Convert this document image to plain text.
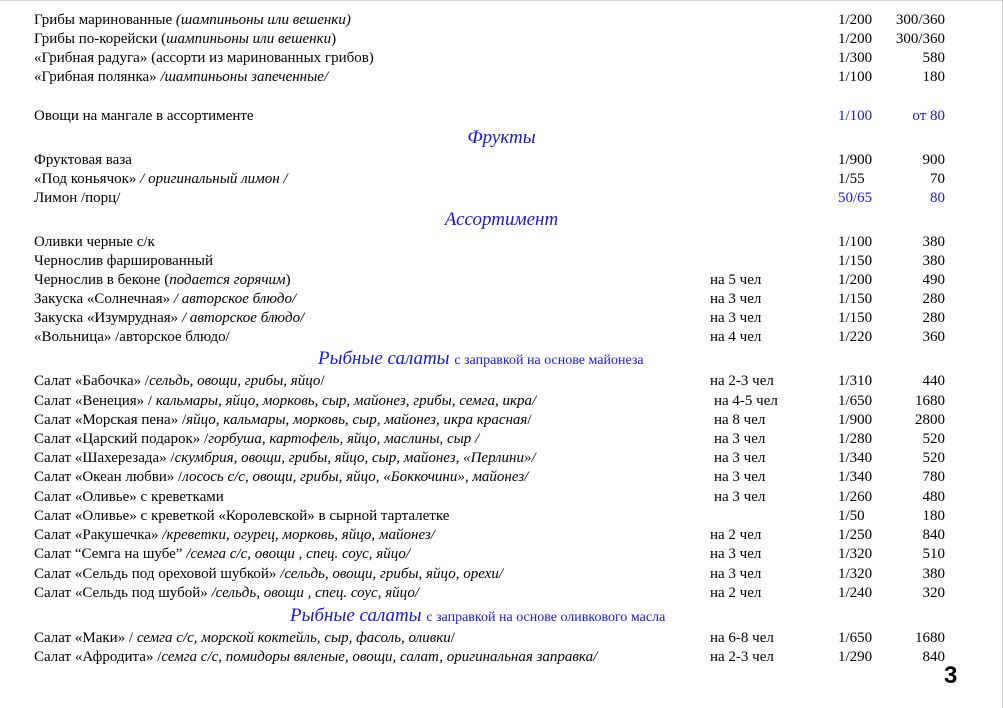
Грибы маринованные (шампиньоны или вешенки)	1/200	300/360
Грибы по-корейски (шампиньоны или вешенки)	1/200	300/360
«Грибная радуга» (ассорти из маринованных грибов)	1/300	580
«Грибная полянка» /шампиньоны запеченные/	1/100	180
Овощи на мангале в ассортименте	1/100	от 80
Фрукты
Фруктовая ваза	1/900	900
«Под коньячок» / оригинальный лимон /	1/55	70
Лимон /порц/	50/65	80
Ассортимент
Оливки черные с/к	1/100	380
Чернослив фаршированный	1/150	380
Чернослив в беконе (подается горячим)	на 5 чел	1/200	490
Закуска «Солнечная» / авторское блюдо/	на 3 чел	1/150	280
Закуска «Изумрудная» / авторское блюдо/	на 3 чел	1/150	280
«Вольница» /авторское блюдо/	на 4 чел	1/220	360
Рыбные салаты с заправкой на основе майонеза
Салат «Бабочка» /сельдь, овощи, грибы, яйцо/	на 2-3 чел	1/310	440
Салат «Венеция» / кальмары, яйцо, морковь, сыр, майонез, грибы, семга, икра/	на 4-5 чел	1/650	1680
Салат «Морская пена» /яйцо, кальмары, морковь, сыр, майонез, икра красная/	на 8 чел	1/900	2800
Салат «Царский подарок» /горбуша, картофель, яйцо, маслины, сыр /	на 3 чел	1/280	520
Салат «Шахерезада» /скумбрия, овощи, грибы, яйцо, сыр, майонез, «Перлини»/	на 3 чел	1/340	520
Салат «Океан любви» /лосось с/с, овощи, грибы, яйцо, «Боккочини», майонез/	на 3 чел	1/340	780
Салат «Оливье» с креветками	на 3 чел	1/260	480
Салат «Оливье» с креветкой «Королевской» в сырной тарталетке	1/50	180
Салат «Ракушечка» /креветки, огурец, морковь, яйцо, майонез/	на 2 чел	1/250	840
Салат “Семга на шубе” /семга с/с, овощи , спец. соус, яйцо/	на 3 чел	1/320	510
Салат «Сельдь под ореховой шубкой» /сельдь, овощи, грибы, яйцо, орехи/	на 3 чел	1/320	380
Салат «Сельдь под шубой» /сельдь, овощи , спец. соус, яйцо/	на 2 чел	1/240	320
Рыбные салаты с заправкой на основе оливкового масла
Салат «Маки» / семга с/с, морской коктейль, сыр, фасоль, оливки/	на 6-8 чел	1/650	1680
Салат «Афродита» /семга с/с, помидоры вяленые, овощи, салат, оригинальная заправка/	на 2-3 чел	1/290	840
3
